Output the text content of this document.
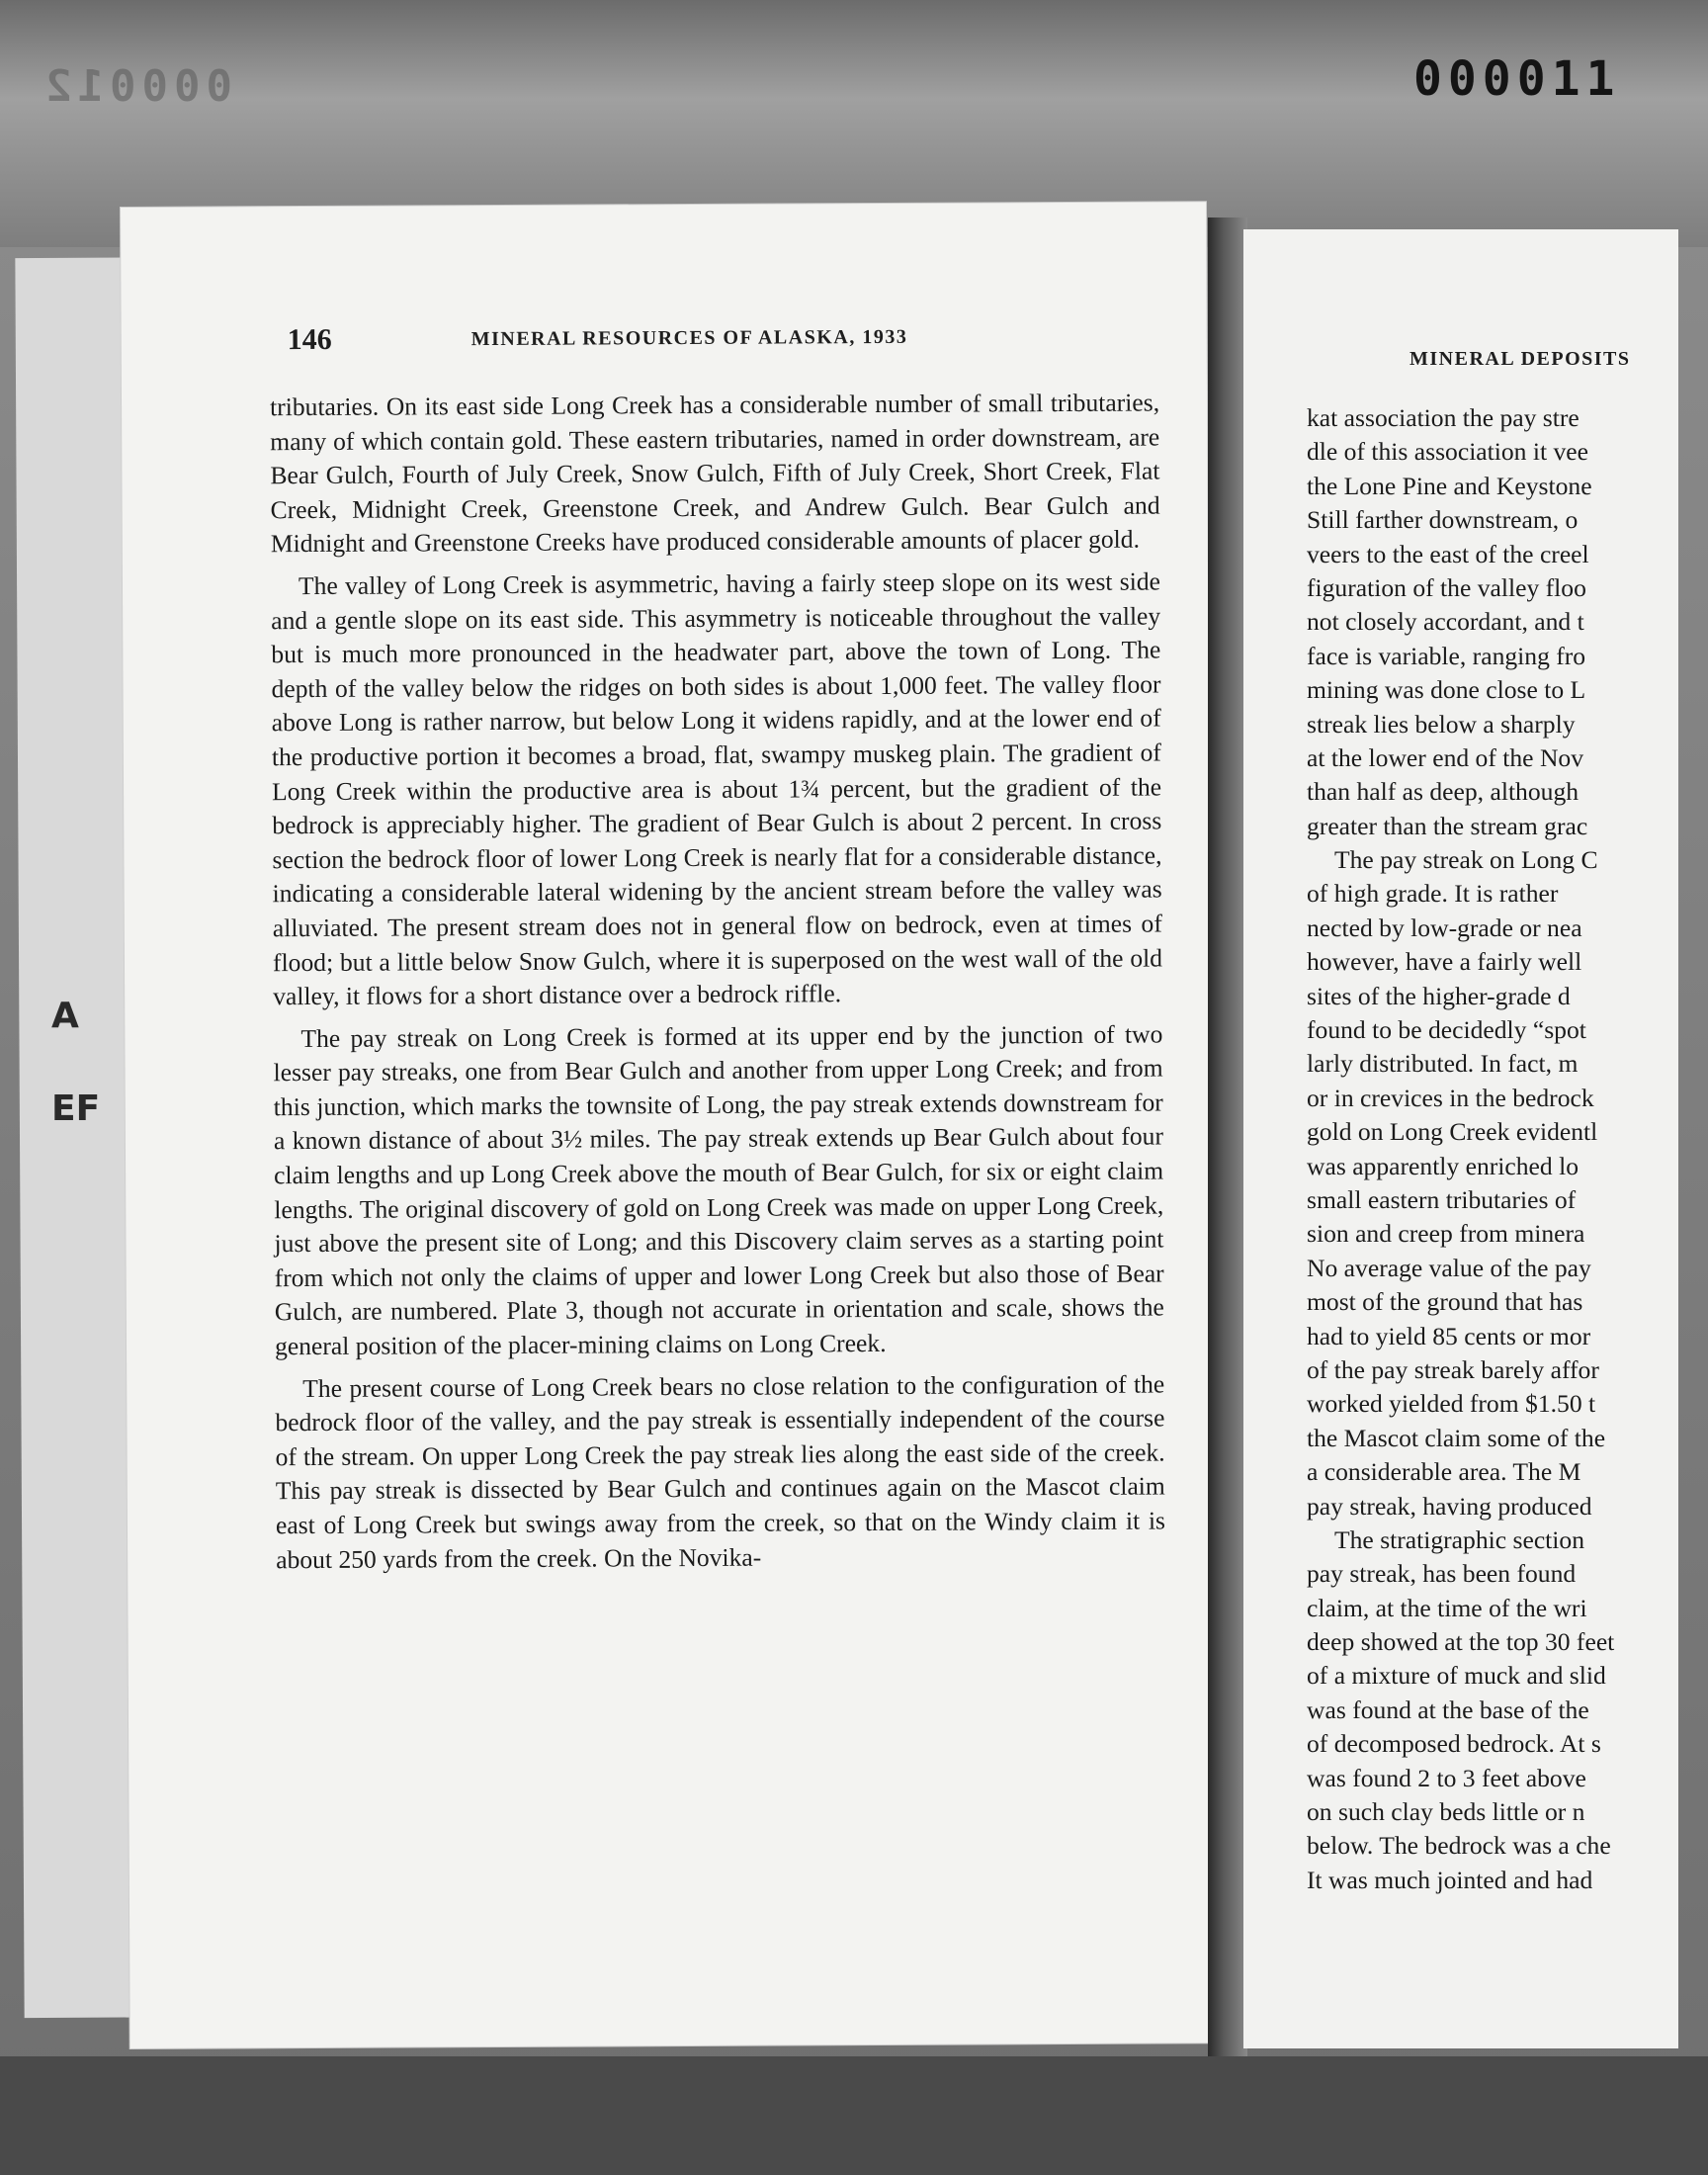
000012	000011
A
EF
146	MINERAL RESOURCES OF ALASKA, 1933

tributaries. On its east side Long Creek has a considerable number of small tributaries, many of which contain gold. These eastern tributaries, named in order downstream, are Bear Gulch, Fourth of July Creek, Snow Gulch, Fifth of July Creek, Short Creek, Flat Creek, Midnight Creek, Greenstone Creek, and Andrew Gulch. Bear Gulch and Midnight and Greenstone Creeks have produced considerable amounts of placer gold.

The valley of Long Creek is asymmetric, having a fairly steep slope on its west side and a gentle slope on its east side. This asymmetry is noticeable throughout the valley but is much more pronounced in the headwater part, above the town of Long. The depth of the valley below the ridges on both sides is about 1,000 feet. The valley floor above Long is rather narrow, but below Long it widens rapidly, and at the lower end of the productive portion it becomes a broad, flat, swampy muskeg plain. The gradient of Long Creek within the productive area is about 1¾ percent, but the gradient of the bedrock is appreciably higher. The gradient of Bear Gulch is about 2 percent. In cross section the bedrock floor of lower Long Creek is nearly flat for a considerable distance, indicating a considerable lateral widening by the ancient stream before the valley was alluviated. The present stream does not in general flow on bedrock, even at times of flood; but a little below Snow Gulch, where it is superposed on the west wall of the old valley, it flows for a short distance over a bedrock riffle.

The pay streak on Long Creek is formed at its upper end by the junction of two lesser pay streaks, one from Bear Gulch and another from upper Long Creek; and from this junction, which marks the townsite of Long, the pay streak extends downstream for a known distance of about 3½ miles. The pay streak extends up Bear Gulch about four claim lengths and up Long Creek above the mouth of Bear Gulch, for six or eight claim lengths. The original discovery of gold on Long Creek was made on upper Long Creek, just above the present site of Long; and this Discovery claim serves as a starting point from which not only the claims of upper and lower Long Creek but also those of Bear Gulch, are numbered. Plate 3, though not accurate in orientation and scale, shows the general position of the placer-mining claims on Long Creek.

The present course of Long Creek bears no close relation to the configuration of the bedrock floor of the valley, and the pay streak is essentially independent of the course of the stream. On upper Long Creek the pay streak lies along the east side of the creek. This pay streak is dissected by Bear Gulch and continues again on the Mascot claim east of Long Creek but swings away from the creek, so that on the Windy claim it is about 250 yards from the creek. On the Novika-

MINERAL DEPOSITS
kat association the pay stre
dle of this association it vee
the Lone Pine and Keystone
Still farther downstream, o
veers to the east of the creel
figuration of the valley floo
not closely accordant, and t
face is variable, ranging fro
mining was done close to L
streak lies below a sharply
at the lower end of the Nov
than half as deep, although
greater than the stream grac
The pay streak on Long C
of high grade. It is rather
nected by low-grade or nea
however, have a fairly well
sites of the higher-grade d
found to be decidedly “spot
larly distributed. In fact, m
or in crevices in the bedrock
gold on Long Creek evidentl
was apparently enriched lo
small eastern tributaries of
sion and creep from minera
No average value of the pay
most of the ground that has
had to yield 85 cents or mor
of the pay streak barely affor
worked yielded from $1.50 t
the Mascot claim some of the
a considerable area. The M
pay streak, having produced
The stratigraphic section
pay streak, has been found
claim, at the time of the wri
deep showed at the top 30 feet
of a mixture of muck and slid
was found at the base of the
of decomposed bedrock. At s
was found 2 to 3 feet above
on such clay beds little or n
below. The bedrock was a che
It was much jointed and had
